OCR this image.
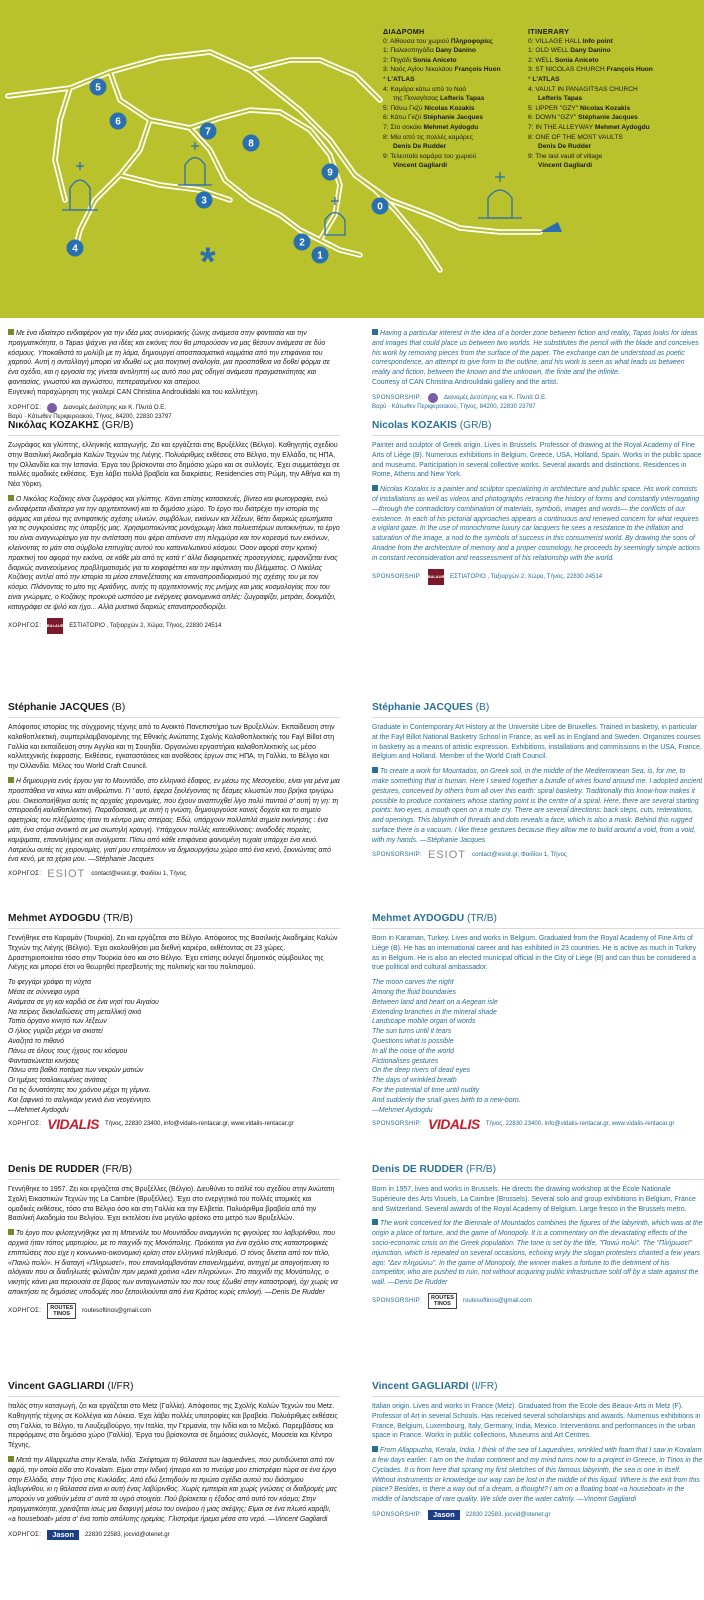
*
5
6
7
8
3
9
0
2
1
4
ΔΙΑΔΡΟΜΗ
0: Αίθουσα του χωριού Πληροφορίες
1: Παλαιοπηγάδα Dany Danino
2: Πηγάδι Sonia Aniceto
3: Ναός Αγίου Νικολάου François Huon
* L'ATLAS
4: Καμάρα κάτω από το Ναό
της Παναγίτσας Lefteris Tapas
5: Πάνω Γκζύ Nicolas Kozakis
6: Κάτω Γκζύ Stéphanie Jacques
7: Στο σοκάκι Mehmet Aydogdu
8: Μία από τις πολλές καμάρες
Denis De Rudder
9: Τελευταία καμάρα του χωριού
Vincent Gagliardi
ITINERARY
0: VILLAGE HALL Info point
1: OLD WELL Dany Danino
2: WELL Sonia Aniceto
3: ST NICOLAS CHURCH François Huon
* L'ATLAS
4: VAULT IN PANAGITSAS CHURCH
Lefteris Tapas
5: UPPER "GZY" Nicolas Kozakis
6: DOWN "GZY" Stéphanie Jacques
7: IN THE ALLEYWAY Mehmet Aydogdu
8: ONE OF THE MOST VAULTS
Denis De Rudder
9: The last vault of village
Vincent Gagliardi

Με ένα ιδιαίτερο ενδιαφέρον για την ιδέα μιας συνοριακής ζώνης ανάμεσα στην φαντασία και την πραγματικότητα, ο Tapas ψάχνει για ιδέες και εικόνες που θα μπορούσαν να μας θέσουν ανάμεσα σε δύο κόσμους. Υποκαθιστά το μολύβι με τη λάμα, δημιουργεί αποσπασματικά κομμάτια από την επιφάνεια του χαρτιού. Αυτή η ανταλλαγή μπορεί να ιδωθεί ως μια ποιητική αναλογία, μια προσπάθεια να δοθεί φόρμα σε ένα σχέδιο, και η εργασία της γίνεται αντιληπτή ως αυτό που μας οδηγεί ανάμεσα πραγματικότητας και φαντασίας, γνωστού και αγνώστου, πεπερασμένου και απείρου.

Ευγενική παραχώρηση της γκαλερί CAN Christina Androulidaki και του καλλιτέχνη.

ΧΟΡΗΓΟΣ:	Διανομές Δεσύπρης και Κ. Πλυτά Ο.Ε.
Βαρύ · Κάτωθεν Περιφερειακού, Τήνος, 84200, 22830 23797
Νικόλας ΚΟΖΑΚΗΣ (GR/B)

Ζωγράφος και γλύπτης, ελληνικής καταγωγής. Ζει και εργάζεται στις Βρυξέλλες (Βέλγιο). Καθηγητής σχεδίου στην Βασιλική Ακαδημία Καλών Τεχνών της Λιέγης. Πολυάριθμες εκθέσεις στο Βέλγιο, την Ελλάδα, τις ΗΠΑ, την Ολλανδία και την Ισπανία. Έργα του βρίσκονται στο δημόσιο χώρο και σε συλλογές. Έχει συμμετάσχει σε πολλές ομαδικές εκθέσεις. Έχει λάβει πολλά βραβεία και διακρίσεις. Residencies στη Ρώμη, την Αθήνα και τη Νέα Υόρκη.

Ο Νικόλας Κοζάκης είναι ζωγράφος και γλύπτης. Κάνει επίσης κατασκευές, βίντεο και φωτογραφία, ενώ ενδιαφέρεται ιδιαίτερα για την αρχιτεκτονική και το δημόσιο χώρο. Το έργο του διατρέχει την ιστορία της φόρμας και μέσω της αντιφατικής σχέσης υλικών, συμβόλων, εικόνων και λέξεων, θέτει διαρκώς ερωτήματα για τις συγκρούσεις της ύπαρξής μας. Χρησιμοποιώντας μονόχρωμη λάκα πολυεστέρων αυτοκινήτων, το έργο του είναι αναγνωρίσιμο για την αντίσταση που φέρει απέναντι στη πλημμύρα και τον κορεσμό των εικόνων, κλείνοντας το μάτι στα σύμβολα επιτυχίας αυτού του καταναλωτικού κόσμου. Όσον αφορά στην κριτική πρακτική του αφορά την εικόνα, σε κάθε μία από τις κατά τ' άλλα διαφορετικές προσεγγίσεις, εμφανίζεται ένας διαρκώς ανανεούμενος προβληματισμός για το κειφαφέτπει και την αφύπνιση του βλέμματος. Ο Νικόλας Κοζάκης αντλεί από την ιστορία τα μέσα επανεξέτασης και επαναπροσδιορισμού της σχέσης του με τον κόσμο. Πλάνοντας το μίτο της Αριάδνης, αυτής τη αρχιτεκτονικής της μνήμης και μιας κοσμολογίας που του είναι γνώριμες, ο Κοζάκης προκυρά ωσπόσο με ενέργειες φαινομενικά απλές: ζωγραφίζει, μετράει, δοκιμάζει, καταγράφει σε ψιλό και ήχο... Αλλά μυστικά διαρκώς επαναπροσδιορίζει.

ΧΟΡΗΓΟΣ: BALAUR ΕΣΤΙΑΤΟΡΙΟ , Ταξιαρχών 2, Χώρα, Τήνος, 22830 24514
Stéphanie JACQUES (B)

Απόφοιτος ιστορίας της σύγχρονης τέχνης από το Ανοικτό Πανεπιστήμιο των Βρυξελλών. Εκπαίδευση στην καλαθοπλεκτική, συμπεριλαμβανομένης της Εθνικής Ανώτατης Σχολής Καλαθοπλεκτικής του Fayl Billot στη Γαλλία και εκπαίδευση στην Αγγλία και τη Σουηδία. Οργανώνει εργαστήρια καλαθοπλεκτικής ως μέσο καλλιτεχνικής έκφρασης. Εκθέσεις, εγκαταστάσεις και αναθέσεις έργων στις ΗΠΑ, τη Γαλλία, το Βέλγιο και την Ολλανδία. Μέλος του World Craft Council.

Η δημιουργία ενός έργου για το Μουντάδο, στο ελληνικό έδαφος, εν μέσω της Μεσογείου, είναι για μένα μια προσπάθεια να κάνω κάτι ανθρώπινο. Γι ' αυτό, έφερα ξεκλέγοντας τις δέσμες κλωστών που βρήκα τριγύρω μου. Οικειοποιήθηκα αυτές τις αρχαίες χειρονομίες, που έχουν αναπτυχθεί λίγο πολύ παντού σ' αυτή τη γη: τη σπειροειδή καλαθοπλεκτική. Παραδοσιακά, με αυτή η γνώση, δημιουργούσε κανείς δοχεία και το σημείο αφετηρίας του πλέξιματος ήταν το κέντρο μιας σπείρας. Εδώ, υπάρχουν πολλαπλά σημεία εκκίνησης : ένα μάτι, ένα στόμα ανοικτό σε μια σιωπηλή κραυγή. Υπάρχουν πολλές κατευθύνσεις: αναδοδές πορείες, καμψιματα, επαναλήψεις και ανοίγματα. Πίσω από κάθε επιφάνεια φαινομένη τυχαία υπάρχει ένα κενό. Λατρεύω αυτές τις χειρονομίες, γιατί μου επιτρέπουν να δημιουργήσω χώρο από ένα κενό, ξεκινώντας από ένα κενό, με τα χέρια μου. —Stéphanie Jacques

ΧΟΡΗΓΟΣ: ESIOT contact@esiot.gr, Φαιδίου 1, Τήνος
Mehmet AYDOGDU (TR/B)

Γεννήθηκε στο Καραμάν (Τουρκία). Ζει και εργάζεται στο Βέλγιο. Απόφοιτος της Βασιλικής Ακαδημίας Καλών Τεχνών της Λιέγης (Βέλγιο). Έχει ακολουθήσει μια διεθνή καριέρα, εκθέτοντας σε 23 χώρες. Δραστηριοποιείται τόσο στην Τουρκία όσο και στο Βέλγιο. Έχει επίσης εκλεγεί δημοτικός σύμβουλος της Λιέγης και μπορεί έτσι να θεωρηθεί πρεσβευτής της πολιτικής και του πολιτισμού.

Το φεγγάρι γράφει τη νύχτα
Μέσα σε σύννεφα υγρά
Ανάμεσα σε γη και καρδιά σε ένα νησί του Αιγαίου
Να πείρεις διακλαδώσεις στη μεταλλική σκιά
Τοπίο όργανο κινητό των λέξεων
Ο ήλιος γυρίζει μέχρι να σκιστεί
Αναζητά το πιθανό
Πάνω σε όλους τους ήχους του κόσμου
Φαντασιώνεται κινήσεις
Πάνω στα βαθιά ποτάμια των νεκρών ματιών
Οι ημέρες τσαλακωμένες ανάσας
Για τις δυνατότητες του χρόνου μέχρι τη γέμινα.
Και ξαφνικό το σαλιγκάρι γεννά ένα νεογέννητο.
—Mehmet Aydogdu
ΧΟΡΗΓΟΣ: VIDALIS Τήνος, 22830 23400, info@vidalis-rentacar.gr, www.vidalis-rentacar.gr
Denis DE RUDDER (FR/B)

Γεννήθηκε το 1957. Ζει και εργάζεται στις Βρυξέλλες (Βέλγιο). Διευθύνει το σεϊλιέ του σχεδίου στην Ανώτατη Σχολή Εικαστικών Τεχνών της La Cambre (Βρυξέλλες). Έχει στο ενεργητικό του πολλές ατομικές και ομαδικές εκθέσεις, τόσο στο Βέλγιο όσο και στη Γαλλία και την Ελβετία. Πολυάριθμα βραβεία από την Βασιλική Ακαδημία του Βελγίου. Έχει εκτελέσει ένα μεγάλο φρέσκο στο μετρό των Βρυξελλών.

Το έργο που φιλοτεχνήθηκε για τη Μπιενάλε του Μουντάδου αναμιγνύει τις φιγούρες του λαβυρίνθου, που αρχικά ήταν τόπος μαρτυρίου, με το παιχνίδι της Μονόπολης. Πρόκειται για ένα σχόλιο στις καταστροφικές επιπτώσεις που είχε η κοινωνικο-οικονομική κρίση στον ελληνικό πληθυσμό. Ο τόνος δίνεται από τον τίτλο, «Πανώ πολύ». Η διαταγή «Πληρωσε!», που επαναλαμβανόταν επανειλημμένα, αντηχεί με απογοήτευση το αλόγκαν που οι διαδηλωτές φώναζαν πριν μερικά χρόνια «Δεν πληρώνω». Στο παιχνίδι της Μονόπολης, ο νικητής κάνει μια περιουσία σε βάρος των ανταγωνιστών του που τους έζωθεί στην καταστροφή, όχι χωρίς να αποκτήσει τις δημόσιες υποδομές που ξεπουλιούνται από ένα Κράτος κυρίς επιλογή. —Denis De Rudder

ΧΟΡΗΓΟΣ:	ROUTES
TINOS	routesoftinos@gmail.com
Vincent GAGLIARDI (I/FR)

Ιταλός στην καταγωγή, ζει και εργάζεται στο Metz (Γαλλία). Απόφοιτος της Σχολής Καλών Τεχνών του Metz. Καθηγητής τέχνης σε Κολλέγια και Λύκεια. Έχει λάβει πολλές υποτροφίες και βραβεία. Πολυάριθμες εκθέσεις στη Γαλλία, το Βέλγιο, το Λουξεμβούργο, την Ιταλία, την Γερμανία, την Ινδία και το Μεξικό. Παρεμβάσεις και περφόρμανς στο δημόσιο χώρο (Γαλλία). Έργα του βρίσκονται σε δημόσιες συλλογές, Μουσεία και Κέντρο Τέχνης.

Μετά την Allappuzha στην Kerala, Ινδία. Σκέφτομαι τη θάλασσα των laquedives, που ρυτιδώνεται από τον αφρό, την οποία είδα στο Kovalam. Είμαι στην Ινδική ήπειρο και το πνεύμα μου επιστρέφει τώρα σε ένα έργο στην Ελλάδα, στην Τήνο στις Κυκλάδες. Από εδώ ξεπηδούν τα πρώτα σχέδια αυτού του διάσημου λαβυρίνθου, κι η θάλασσα είναι κι αυτή ένας λαβύρινθος. Χωρίς εμπειρία και χωρίς γνώσεις οι διαδρομές μας μπορούν να χαθούν μέσα σ' αυτά τα υγρά στοιχεία. Πού βρίσκεται η έξοδος από αυτό τον κόσμο; Στην πραγματικότητα, χρειάζεται ίσως μια διαφυγή μέσω του ονείρου ή μιας σκέψης; Είμαι σε ένα πλωτό καράβι, «a houseboat» μέσα σ' ένα τοπίο απόλυτης ηρεμίας. Γλιστράμε ήρεμα μέσα στο νερό. —Vincent Gagliardi

ΧΟΡΗΓΟΣ:	Jason	22830 22583, jocvid@otenet.gr

Having a particular interest in the idea of a border zone between fiction and reality, Tapas looks for ideas and images that could place us between two worlds. He substitutes the pencil with the blade and conceives his work by removing pieces from the surface of the paper. The exchange can be understood as poetic correspondence, an attempt to give form to the outline, and his work is seen as what leads us between reality and fiction, between the known and the unknown, the finite and the infinite.

Courtesy of CAN Christina Androulidaki gallery and the artist.

SPONSORSHIP:	Διανομές Δεσύπρης και Κ. Πλυτά Ο.Ε.
Βαρύ · Κάτωθεν Περιφερειακού, Τήνος, 84200, 22830 23797
Nicolas KOZAKIS (GR/B)

Painter and sculptor of Greek origin. Lives in Brussels. Professor of drawing at the Royal Academy of Fine Arts of Liège (B). Numerous exhibitions in Belgium, Greece, USA, Holland, Spain. Works in the public space and museums. Participation in several collective works. Several awards and distinctions. Residences in Rome, Athens and New York.

Nicolas Kozakis is a painter and sculptor specializing in architecture and public space. His work consists of installations as well as videos and photographs retracing the history of forms and constantly interrogating —through the contradictory combination of materials, symbols, images and words— the conflicts of our existence. In each of his pictorial approaches appears a continuous and renewed concern for what requires a vigilant gaze. In the use of monochrome luxury car lacquers he sees a resistance to the inflation and saturation of the image, a nod to the symbols of success in this consumerist world. By drawing the sons of Ariadne from the architecture of memory and a proper cosmology, he proceeds by seemingly simple actions in constant reconsideration and reassessment of his relationship with the world.

SPONSORSHIP: BALAUR ΕΣΤΙΑΤΟΡΙΟ , Ταξιαρχών 2, Χώρα, Τήνος, 22830 24514
Stéphanie JACQUES (B)

Graduate in Contemporary Art History at the Université Libre de Bruxelles. Trained in basketry, in particular at the Fayl Billot National Basketry School in France, as well as in England and Sweden. Organizes courses in basketry as a means of artistic expression. Exhibitions, installations and commissions in the USA, France, Belgium and Holland. Member of the World Craft Council.

To create a work for Mountados, on Greek soil, in the middle of the Mediterranean Sea, is, for me, to make something that is human. Here I sewed together a bundle of wires found around me. I adopted ancient gestures, conceived by others from all over this earth: spiral basketry. Traditionally this know-how makes it possible to produce containers whose starting point is the centre of a spiral. Here, there are several starting points: two eyes, a mouth open on a mute cry. There are several directions: back steps, cuts, reiterations, and openings. This labyrinth of threads and dots reveals a face, which is also a mask. Behind this rugged surface there is a vacuum. I like these gestures because they allow me to build around a void, from a void, with my hands. —Stéphanie Jacques

SPONSORSHIP: ESIOT contact@esiot.gr, Φαιδίου 1, Τήνος
Mehmet AYDOGDU (TR/B)

Born in Karaman, Turkey. Lives and works in Belgium. Graduated from the Royal Academy of Fine Arts of Liège (B). He has an international career and has exhibited in 23 countries. He is active as much in Turkey as in Belgium. He is also an elected municipal official in the City of Liège (B) and can thus be considered a true political and cultural ambassador.

The moon carves the night
Among the fluid boundaries
Between land and heart on a Aegean isle
Extending branches in the mineral shade
Landscape mobile organ of words
The sun turns until it tears
Questions what is possible
In all the noise of the world
Fictionalises gestures
On the deep rivers of dead eyes
The days of wrinkled breath
For the potential of time until nudity
And suddenly the snail gives birth to a new-born.
—Mehmet Aydogdu
SPONSORSHIP: VIDALIS Τήνος, 22830 23400, info@vidalis-rentacar.gr, www.vidalis-rentacar.gr
Denis DE RUDDER (FR/B)

Born in 1957, lives and works in Brussels. He directs the drawing workshop at the École Nationale Supérieure des Arts Visuels, La Cambre (Brussels). Several solo and group exhibitions in Belgium, France and Switzerland. Several awards of the Royal Academy of Belgium. Large fresco in the Brussels metro.

The work conceived for the Biennale of Mountados combines the figures of the labyrinth, which was at the origin a place of torture, and the game of Monopoly. It is a commentary on the devastating effects of the socio-economic crisis on the Greek population. The tone is set by the title, "Πανώ πολύ". The "Πλήρωσε!" injunction, which is repeated on several occasions, echoing wryly the slogan protesters chanted a few years ago: "Δεν πληρώνω". In the game of Monopoly, the winner makes a fortune to the detriment of his competitor, who are pushed to ruin, not without acquiring public infrastructure sold off by a state against the wall. —Denis De Rudder

SPONSORSHIP:	ROUTES
TINOS	routesoftinos@gmail.com
Vincent GAGLIARDI (I/FR)

Italian origin. Lives and works in France (Metz). Graduated from the Ecole des Beaux-Arts in Metz (F). Professor of Art in several Schools. Has received several scholarships and awards. Numerous exhibitions in France, Belgium, Luxembourg, Italy, Germany, India, Mexico. Interventions and performances in the urban space in France. Works in public collections, Museums and Art Centres.

From Allappuzha, Kerala, India. I think of the sea of Laquedives, wrinkled with foam that I saw in Kovalam a few days earlier. I am on the Indian continent and my mind turns now to a project in Greece, in Tinos in the Cyclades. It is from here that sprang my first sketches of this famous labyrinth, the sea is one in itself. Without instruments or knowledge our way can be lost in the middle of this liquid. Where is the exit from this place? Besides, is there a way out of a dream, a thought? I am on a floating boat «a houseboat» in the middle of landscape of rare quality. We slide over the water calmly. —Vincent Gagliardi

SPONSORSHIP:	Jason	22830 22583, jocvid@otenet.gr
